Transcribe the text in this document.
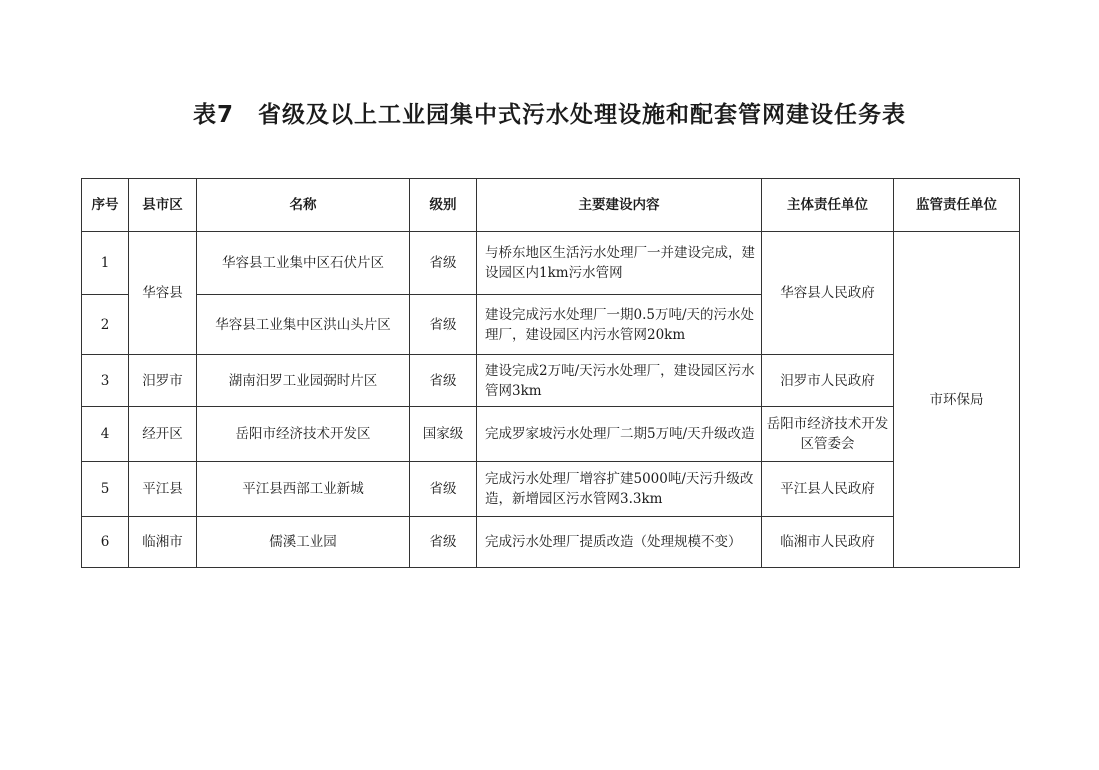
表7　省级及以上工业园集中式污水处理设施和配套管网建设任务表
序号	县市区	名称	级别	主要建设内容	主体责任单位	监管责任单位
1	华容县	华容县工业集中区石伏片区	省级	与桥东地区生活污水处理厂一并建设完成，建设园区内1km污水管网	华容县人民政府	市环保局
2		华容县工业集中区洪山头片区	省级	建设完成污水处理厂一期0.5万吨/天的污水处理厂，建设园区内污水管网20km		
3	汨罗市	湖南汨罗工业园弼时片区	省级	建设完成2万吨/天污水处理厂，建设园区污水管网3km	汨罗市人民政府	
4	经开区	岳阳市经济技术开发区	国家级	完成罗家坡污水处理厂二期5万吨/天升级改造	岳阳市经济技术开发区管委会	
5	平江县	平江县西部工业新城	省级	完成污水处理厂增容扩建5000吨/天污升级改造，新增园区污水管网3.3km	平江县人民政府	
6	临湘市	儒溪工业园	省级	完成污水处理厂提质改造（处理规模不变）	临湘市人民政府	
